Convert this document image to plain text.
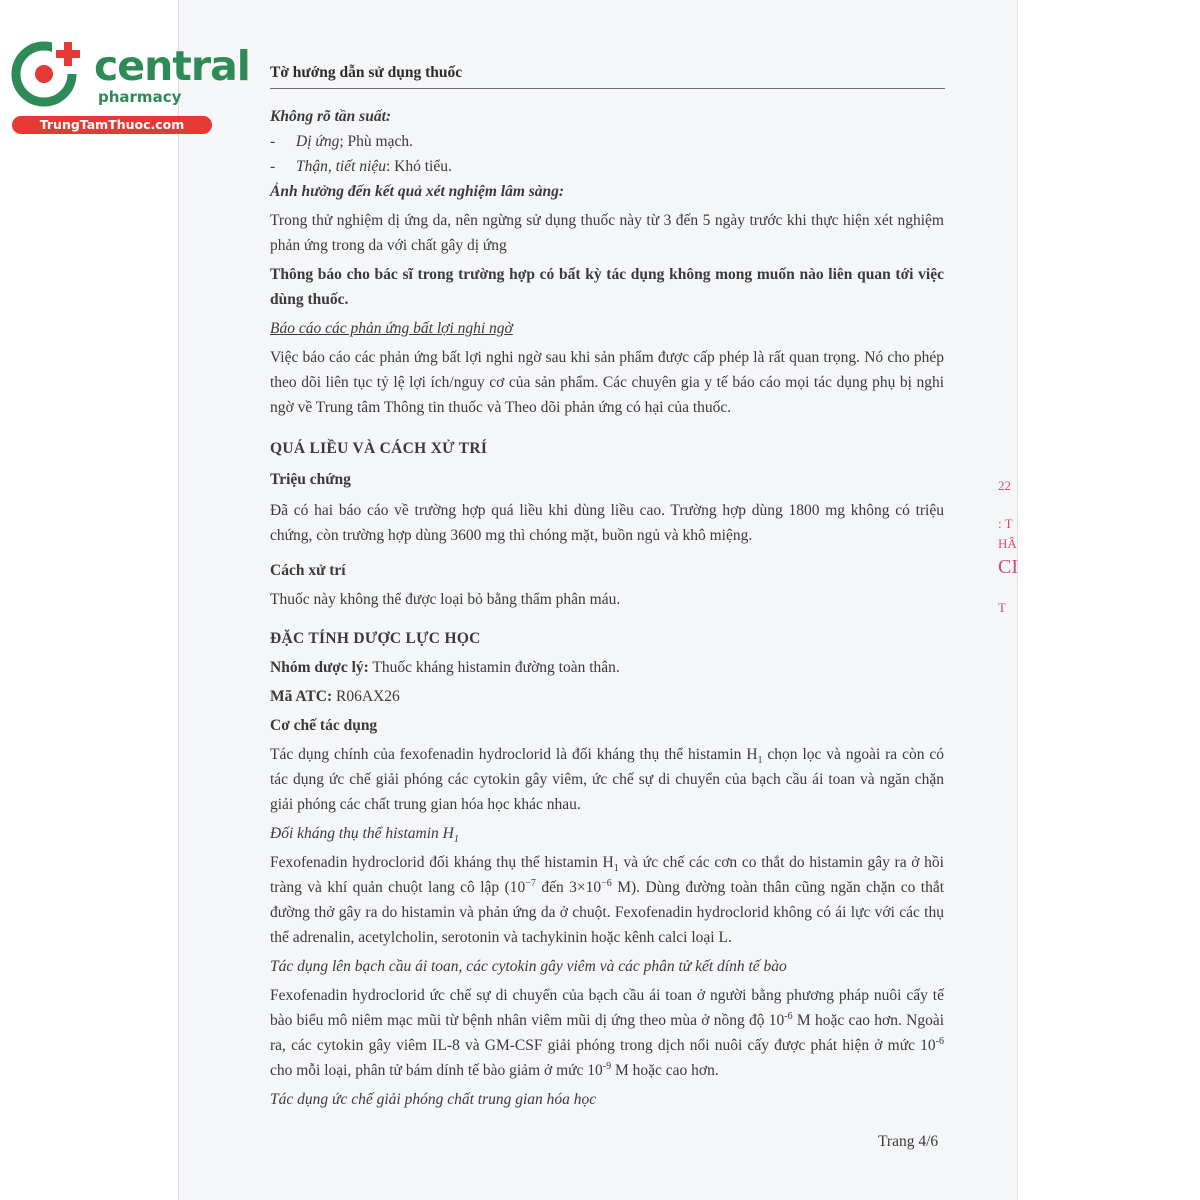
central
pharmacy
TrungTamThuoc.com
22
: T
HÂ
CI
T
Tờ hướng dẫn sử dụng thuốc

Không rõ tần suất:

-	Dị ứng; Phù mạch.
-	Thận, tiết niệu: Khó tiểu.

Ảnh hưởng đến kết quả xét nghiệm lâm sàng:

Trong thử nghiệm dị ứng da, nên ngừng sử dụng thuốc này từ 3 đến 5 ngày trước khi thực hiện xét nghiệm phản ứng trong da với chất gây dị ứng

Thông báo cho bác sĩ trong trường hợp có bất kỳ tác dụng không mong muốn nào liên quan tới việc dùng thuốc.

Báo cáo các phản ứng bất lợi nghi ngờ

Việc báo cáo các phản ứng bất lợi nghi ngờ sau khi sản phẩm được cấp phép là rất quan trọng. Nó cho phép theo dõi liên tục tỷ lệ lợi ích/nguy cơ của sản phẩm. Các chuyên gia y tế báo cáo mọi tác dụng phụ bị nghi ngờ về Trung tâm Thông tin thuốc và Theo dõi phản ứng có hại của thuốc.

QUÁ LIỀU VÀ CÁCH XỬ TRÍ

Triệu chứng

Đã có hai báo cáo về trường hợp quá liều khi dùng liều cao. Trường hợp dùng 1800 mg không có triệu chứng, còn trường hợp dùng 3600 mg thì chóng mặt, buồn ngủ và khô miệng.

Cách xử trí

Thuốc này không thể được loại bỏ bằng thẩm phân máu.

ĐẶC TÍNH DƯỢC LỰC HỌC

Nhóm dược lý: Thuốc kháng histamin đường toàn thân.

Mã ATC: R06AX26

Cơ chế tác dụng

Tác dụng chính của fexofenadin hydroclorid là đối kháng thụ thể histamin $H_1$ chọn lọc và ngoài ra còn có tác dụng ức chế giải phóng các cytokin gây viêm, ức chế sự di chuyển của bạch cầu ái toan và ngăn chặn giải phóng các chất trung gian hóa học khác nhau.

Đối kháng thụ thể histamin $H_1$

Fexofenadin hydroclorid đối kháng thụ thể histamin $H_1$ và ức chế các cơn co thắt do histamin gây ra ở hồi tràng và khí quản chuột lang cô lập ($10^{-7}$ đến $3\times 10^{-6}$ M). Dùng đường toàn thân cũng ngăn chặn co thắt đường thở gây ra do histamin và phản ứng da ở chuột. Fexofenadin hydroclorid không có ái lực với các thụ thể adrenalin, acetylcholin, serotonin và tachykinin hoặc kênh calci loại L.

Tác dụng lên bạch cầu ái toan, các cytokin gây viêm và các phân tử kết dính tế bào

Fexofenadin hydroclorid ức chế sự di chuyển của bạch cầu ái toan ở người bằng phương pháp nuôi cấy tế bào biểu mô niêm mạc mũi từ bệnh nhân viêm mũi dị ứng theo mùa ở nồng độ $10^{-6}$ M hoặc cao hơn. Ngoài ra, các cytokin gây viêm IL-8 và GM-CSF giải phóng trong dịch nổi nuôi cấy được phát hiện ở mức $10^{-6}$ cho mỗi loại, phân tử bám dính tế bào giảm ở mức $10^{-9}$ M hoặc cao hơn.

Tác dụng ức chế giải phóng chất trung gian hóa học

Trang 4/6
